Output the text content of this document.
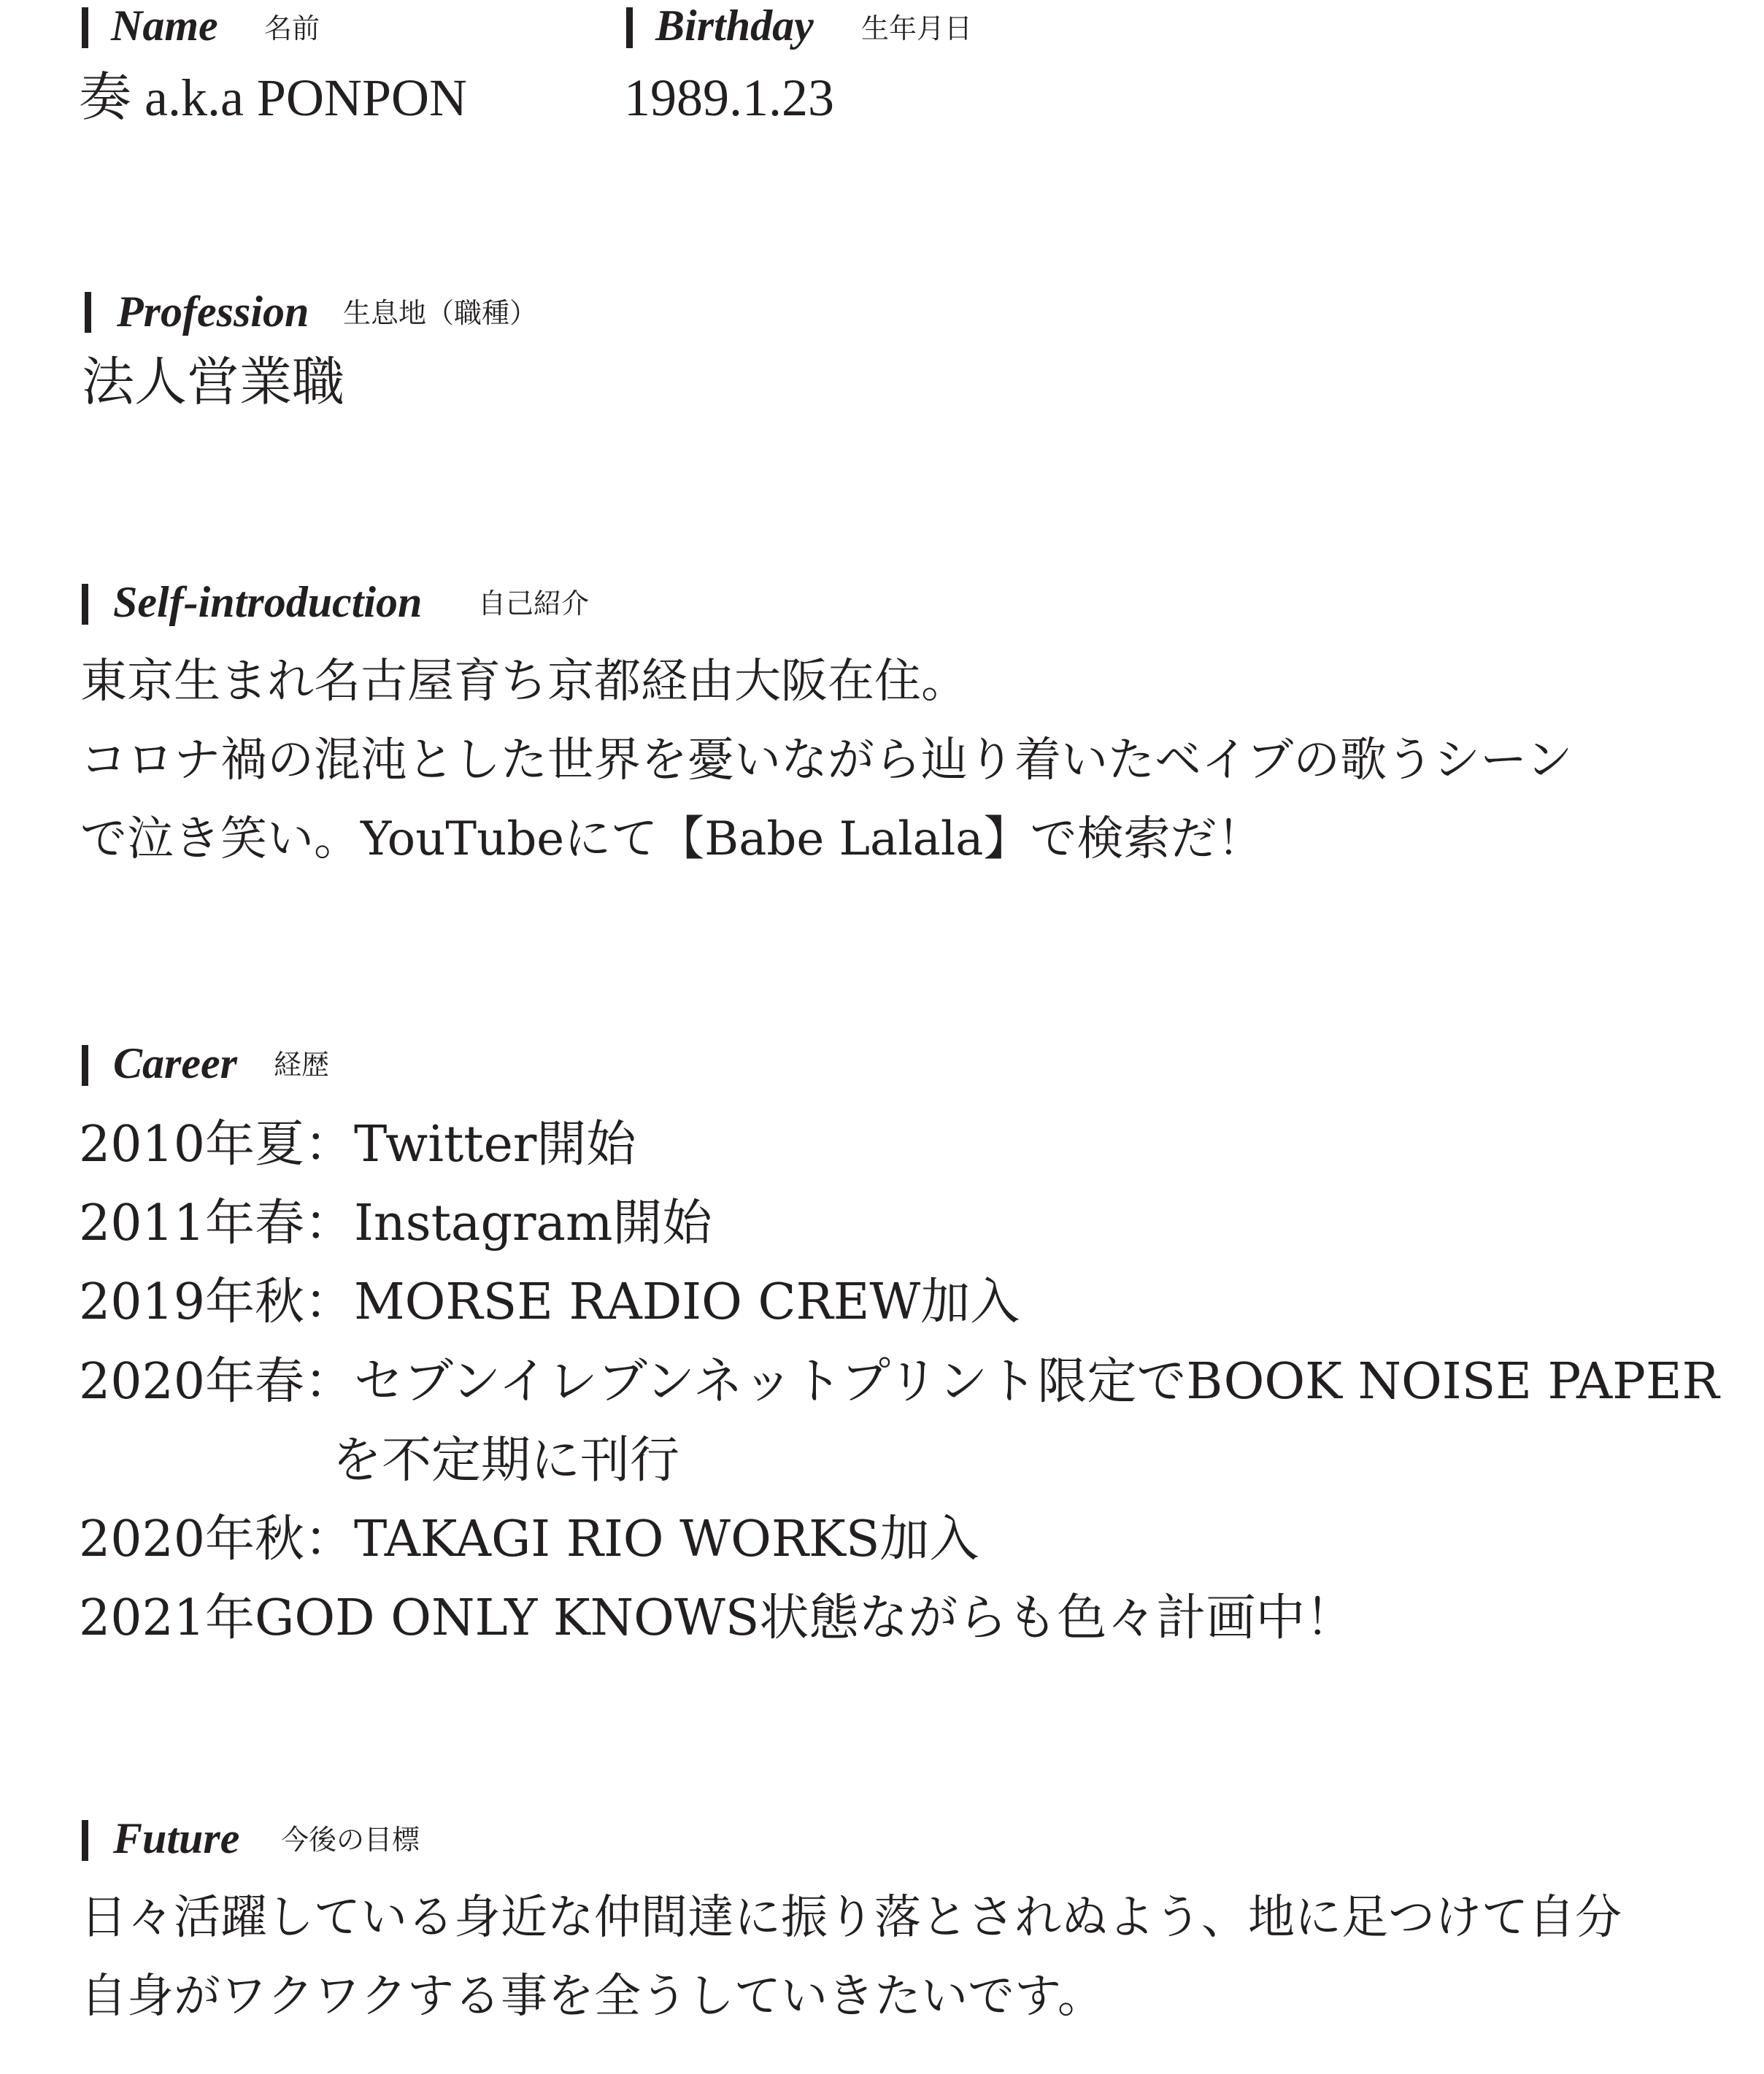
Name 名前
奏 a.k.a PONPON
Birthday 生年月日
1989.1.23
Profession 生息地（職種）
法人営業職
Self-introduction 自己紹介
東京生まれ名古屋育ち京都経由大阪在住。
コロナ禍の混沌とした世界を憂いながら辿り着いたベイブの歌うシーン
で泣き笑い。YouTubeにて【Babe Lalala】で検索だ！
Career 経歴
2010年夏：Twitter開始
2011年春：Instagram開始
2019年秋：MORSE RADIO CREW加入
2020年春：セブンイレブンネットプリント限定でBOOK NOISE PAPER
を不定期に刊行
2020年秋：TAKAGI RIO WORKS加入
2021年GOD ONLY KNOWS状態ながらも色々計画中！
Future 今後の目標
日々活躍している身近な仲間達に振り落とされぬよう、地に足つけて自分
自身がワクワクする事を全うしていきたいです。
